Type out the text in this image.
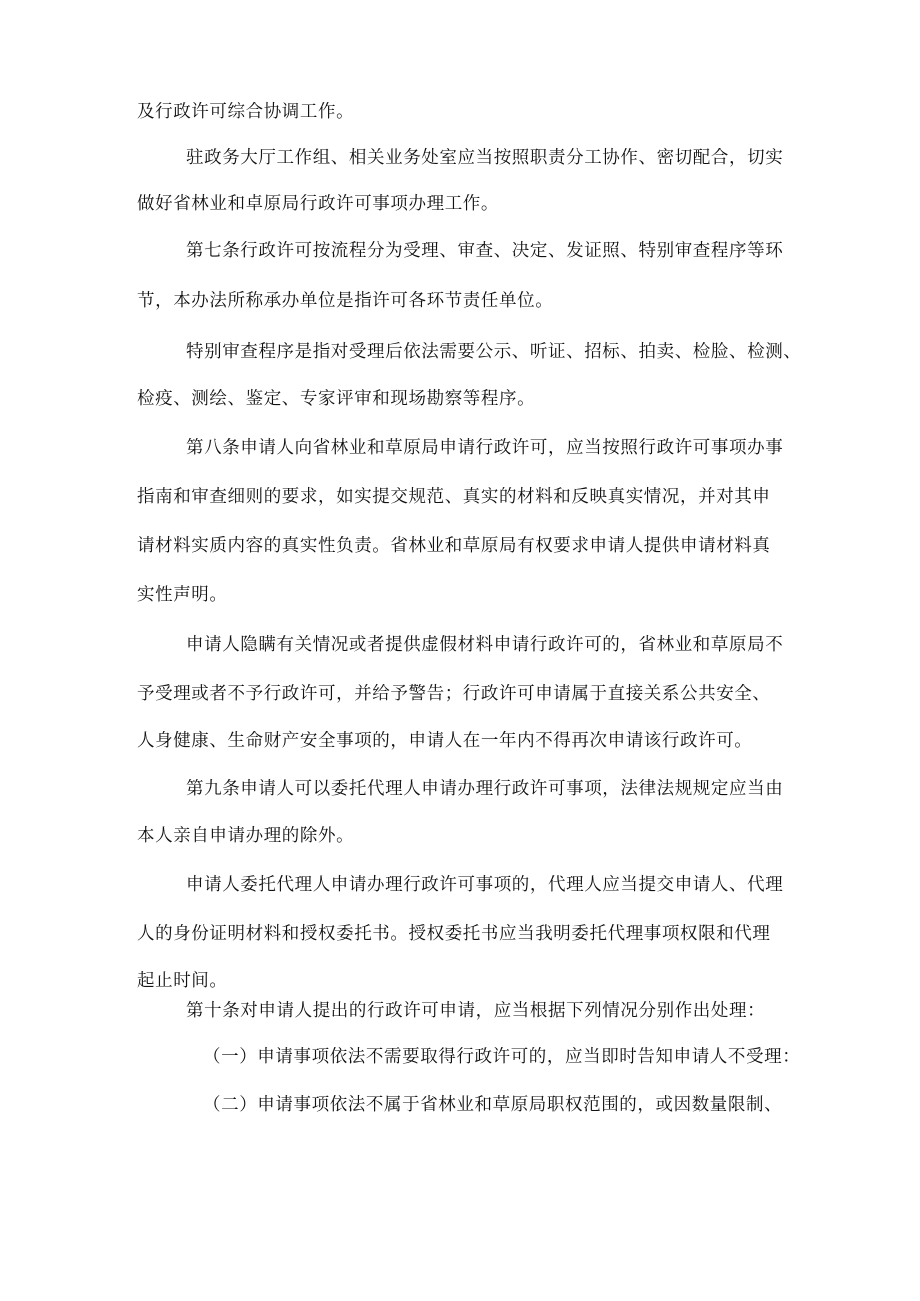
及行政许可综合协调工作。
驻政务大厅工作组、相关业务处室应当按照职责分工协作、密切配合，切实
做好省林业和卓原局行政许可事项办理工作。
第七条行政许可按流程分为受理、审查、决定、发证照、特别审查程序等环
节，本办法所称承办单位是指许可各环节责任单位。
特别审查程序是指对受理后依法需要公示、听证、招标、拍卖、检脸、检测、
检疫、测绘、鉴定、专家评审和现场勘察等程序。
第八条申请人向省林业和草原局申请行政许可，应当按照行政许可事项办事
指南和审查细则的要求，如实提交规范、真实的材料和反映真实情况，并对其申
请材料实质内容的真实性负责。省林业和草原局有权要求申请人提供申请材料真
实性声明。
申请人隐瞒有关情况或者提供虚假材料申请行政许可的，省林业和草原局不
予受理或者不予行政许可，并给予警告；行政许可申请属于直接关系公共安全、
人身健康、生命财产安全事项的，申请人在一年内不得再次申请该行政许可。
第九条申请人可以委托代理人申请办理行政许可事项，法律法规规定应当由
本人亲自申请办理的除外。
申请人委托代理人申请办理行政许可事项的，代理人应当提交申请人、代理
人的身份证明材料和授权委托书。授权委托书应当我明委托代理事项权限和代理
起止时间。
第十条对申请人提出的行政许可申请，应当根据下列情况分别作出处理：
（一）申请事项依法不需要取得行政许可的，应当即时告知申请人不受理：
（二）申请事项依法不属于省林业和草原局职权范围的，或因数量限制、
